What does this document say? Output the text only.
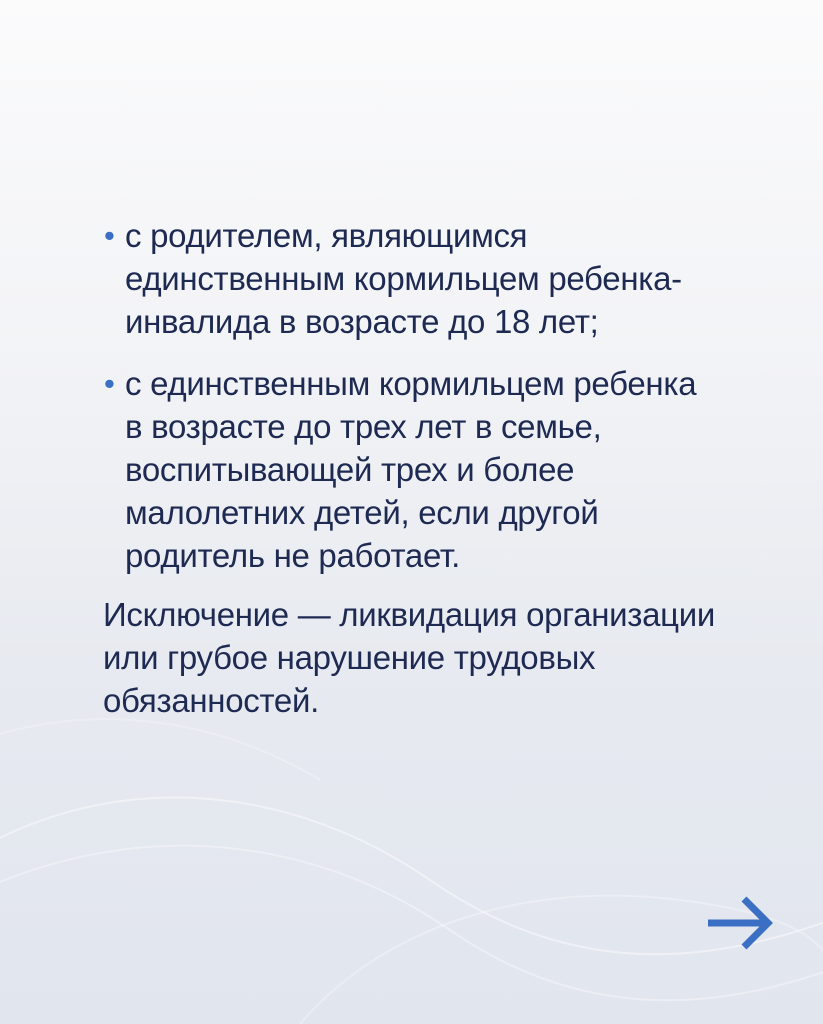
• с родителем, являющимся
единственным кормильцем ребенка-
инвалида в возрасте до 18 лет;
• с единственным кормильцем ребенка
в возрасте до трех лет в семье,
воспитывающей трех и более
малолетних детей, если другой
родитель не работает.
Исключение — ликвидация организации
или грубое нарушение трудовых
обязанностей.
